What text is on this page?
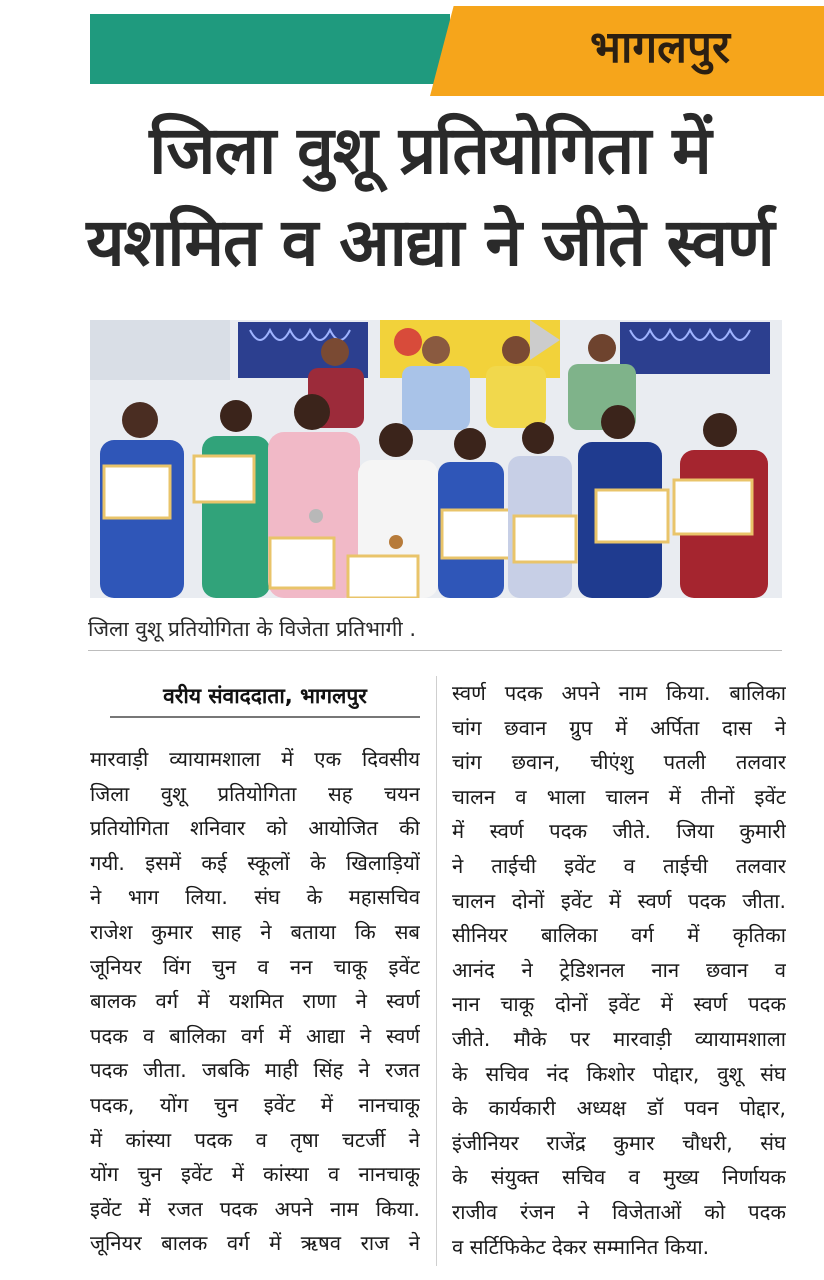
भागलपुर
जिला वुशू प्रतियोगिता में
यशमित व आद्या ने जीते स्वर्ण
जिला वुशू प्रतियोगिता के विजेता प्रतिभागी .
वरीय संवाददाता, भागलपुर
मारवाड़ी व्यायामशाला में एक दिवसीय
जिला वुशू प्रतियोगिता सह चयन
प्रतियोगिता शनिवार को आयोजित की
गयी. इसमें कई स्कूलों के खिलाड़ियों
ने भाग लिया. संघ के महासचिव
राजेश कुमार साह ने बताया कि सब
जूनियर विंग चुन व नन चाकू इवेंट
बालक वर्ग में यशमित राणा ने स्वर्ण
पदक व बालिका वर्ग में आद्या ने स्वर्ण
पदक जीता. जबकि माही सिंह ने रजत
पदक, योंग चुन इवेंट में नानचाकू
में कांस्या पदक व तृषा चटर्जी ने
योंग चुन इवेंट में कांस्या व नानचाकू
इवेंट में रजत पदक अपने नाम किया.
जूनियर बालक वर्ग में ऋषव राज ने
स्वर्ण पदक अपने नाम किया. बालिका
चांग छवान ग्रुप में अर्पिता दास ने
चांग छवान, चीएंशु पतली तलवार
चालन व भाला चालन में तीनों इवेंट
में स्वर्ण पदक जीते. जिया कुमारी
ने ताईची इवेंट व ताईची तलवार
चालन दोनों इवेंट में स्वर्ण पदक जीता.
सीनियर बालिका वर्ग में कृतिका
आनंद ने ट्रेडिशनल नान छवान व
नान चाकू दोनों इवेंट में स्वर्ण पदक
जीते. मौके पर मारवाड़ी व्यायामशाला
के सचिव नंद किशोर पोद्दार, वुशू संघ
के कार्यकारी अध्यक्ष डॉ पवन पोद्दार,
इंजीनियर राजेंद्र कुमार चौधरी, संघ
के संयुक्त सचिव व मुख्य निर्णायक
राजीव रंजन ने विजेताओं को पदक
व सर्टिफिकेट देकर सम्मानित किया.
